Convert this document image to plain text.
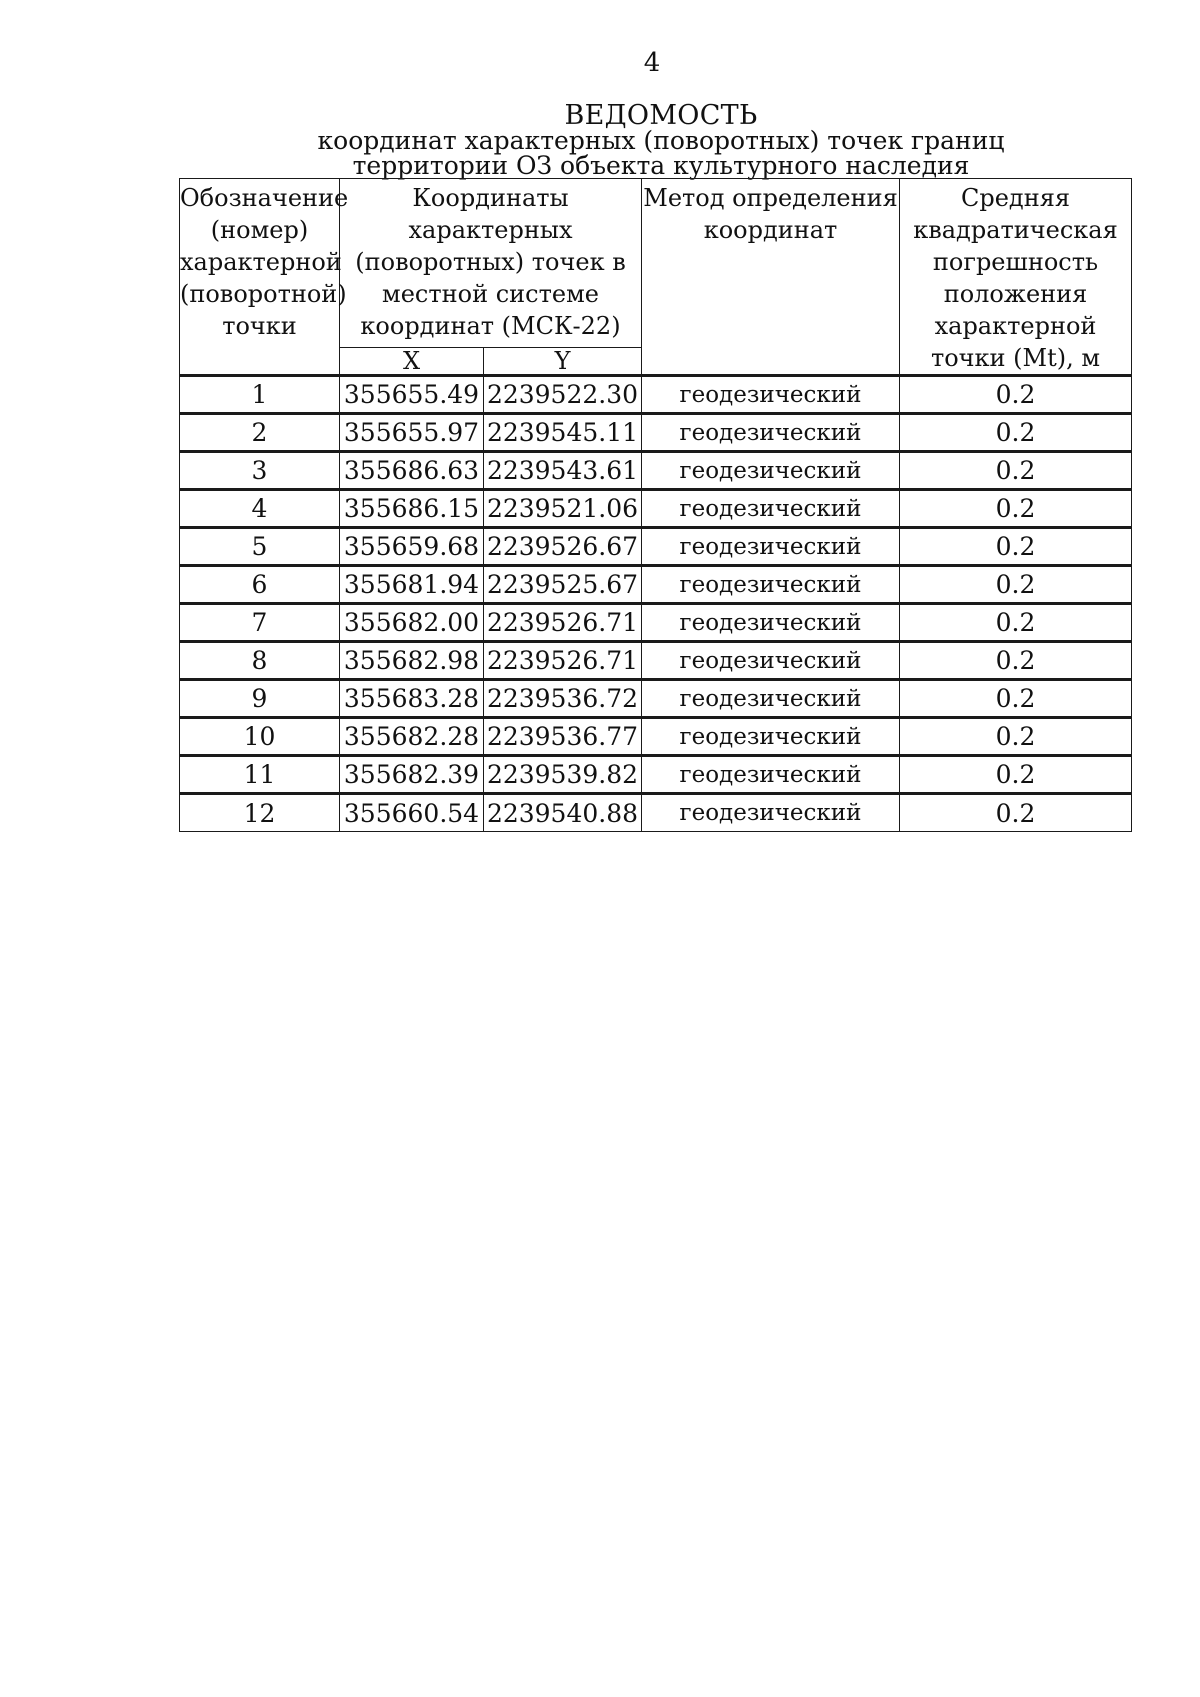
4
ВЕДОМОСТЬ
координат характерных (поворотных) точек границ
территории ОЗ объекта культурного наследия
Обозначение (номер) характерной (поворотной) точки	Координаты характерных (поворотных) точек в местной системе координат (МСК-22)		Метод определения координат	Средняя квадратическая погрешность положения характерной точки (Mt), м
	X	Y		
1	355655.49	2239522.30	геодезический	0.2
2	355655.97	2239545.11	геодезический	0.2
3	355686.63	2239543.61	геодезический	0.2
4	355686.15	2239521.06	геодезический	0.2
5	355659.68	2239526.67	геодезический	0.2
6	355681.94	2239525.67	геодезический	0.2
7	355682.00	2239526.71	геодезический	0.2
8	355682.98	2239526.71	геодезический	0.2
9	355683.28	2239536.72	геодезический	0.2
10	355682.28	2239536.77	геодезический	0.2
11	355682.39	2239539.82	геодезический	0.2
12	355660.54	2239540.88	геодезический	0.2
